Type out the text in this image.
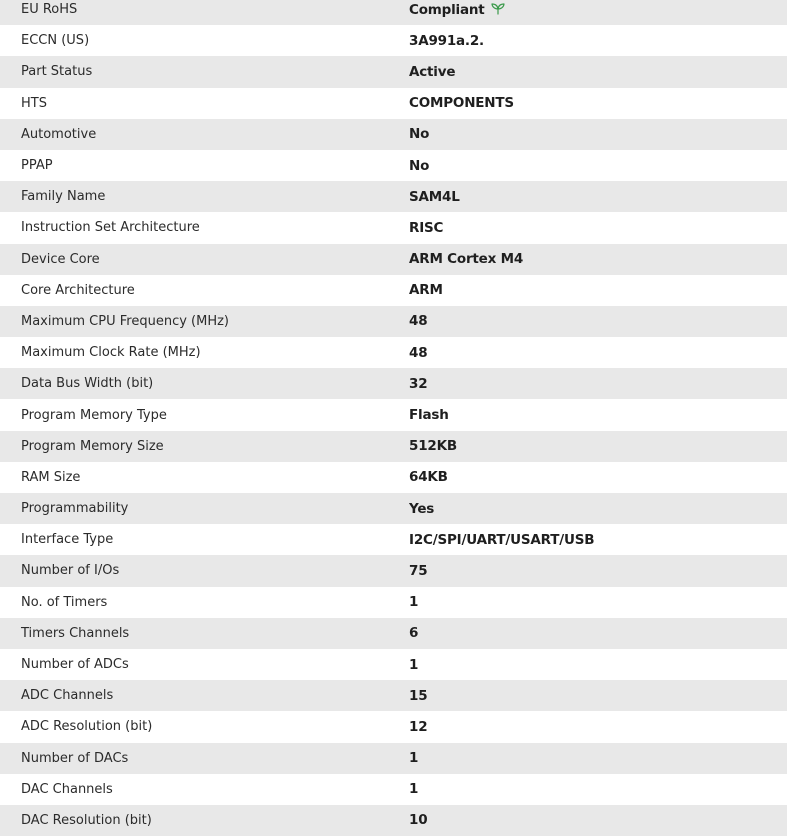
EU RoHS	Compliant
ECCN (US)	3A991a.2.
Part Status	Active
HTS	COMPONENTS
Automotive	No
PPAP	No
Family Name	SAM4L
Instruction Set Architecture	RISC
Device Core	ARM Cortex M4
Core Architecture	ARM
Maximum CPU Frequency (MHz)	48
Maximum Clock Rate (MHz)	48
Data Bus Width (bit)	32
Program Memory Type	Flash
Program Memory Size	512KB
RAM Size	64KB
Programmability	Yes
Interface Type	I2C/SPI/UART/USART/USB
Number of I/Os	75
No. of Timers	1
Timers Channels	6
Number of ADCs	1
ADC Channels	15
ADC Resolution (bit)	12
Number of DACs	1
DAC Channels	1
DAC Resolution (bit)	10
